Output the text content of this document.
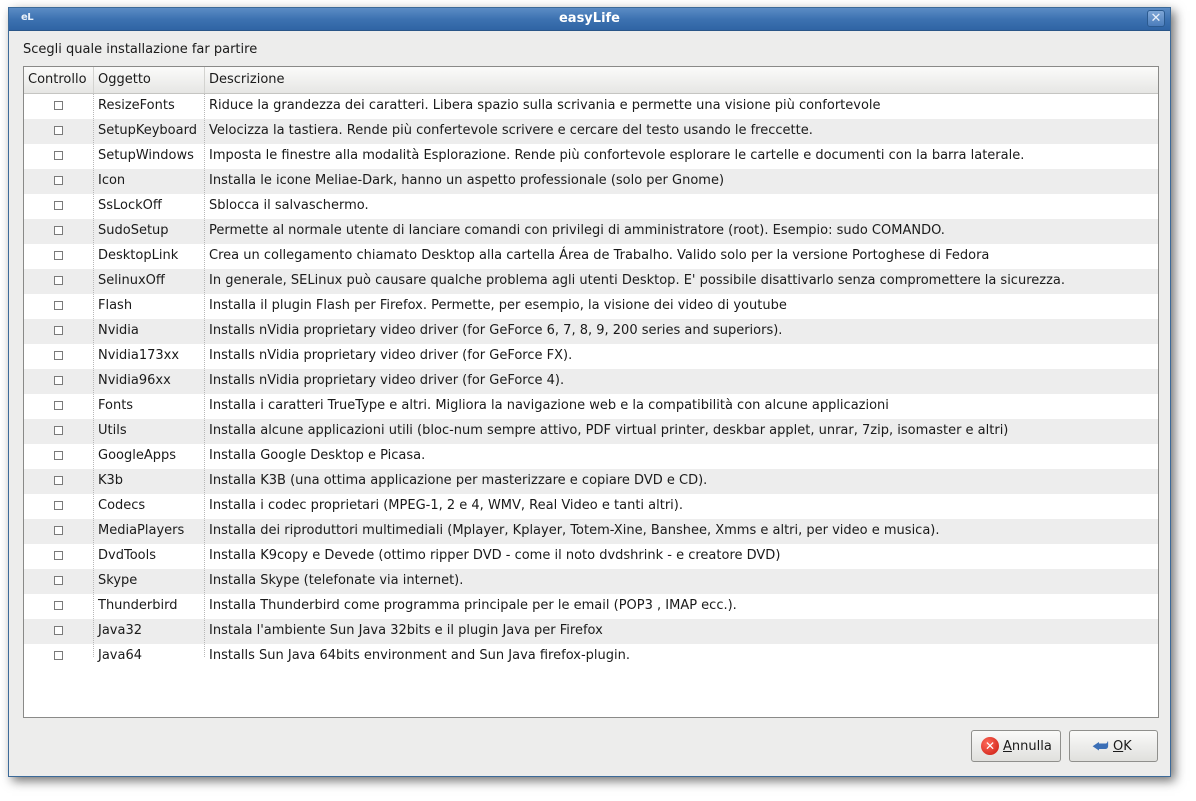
eL	easyLife	✕
Scegli quale installazione far partire
Controllo Oggetto	Descrizione
ResizeFonts	Riduce la grandezza dei caratteri. Libera spazio sulla scrivania e permette una visione più confortevole
SetupKeyboard Velocizza la tastiera. Rende più confertevole scrivere e cercare del testo usando le freccette.
SetupWindows Imposta le finestre alla modalità Esplorazione. Rende più confortevole esplorare le cartelle e documenti con la barra laterale.
Icon	Installa le icone Meliae-Dark, hanno un aspetto professionale (solo per Gnome)
SsLockOff	Sblocca il salvaschermo.
SudoSetup	Permette al normale utente di lanciare comandi con privilegi di amministratore (root). Esempio: sudo COMANDO.
DesktopLink Crea un collegamento chiamato Desktop alla cartella Área de Trabalho. Valido solo per la versione Portoghese di Fedora
SelinuxOff	In generale, SELinux può causare qualche problema agli utenti Desktop. E' possibile disattivarlo senza compromettere la sicurezza.
Flash	Installa il plugin Flash per Firefox. Permette, per esempio, la visione dei video di youtube
Nvidia	Installs nVidia proprietary video driver (for GeForce 6, 7, 8, 9, 200 series and superiors).
Nvidia173xx Installs nVidia proprietary video driver (for GeForce FX).
Nvidia96xx	Installs nVidia proprietary video driver (for GeForce 4).
Fonts	Installa i caratteri TrueType e altri. Migliora la navigazione web e la compatibilità con alcune applicazioni
Utils	Installa alcune applicazioni utili (bloc-num sempre attivo, PDF virtual printer, deskbar applet, unrar, 7zip, isomaster e altri)
GoogleApps	Installa Google Desktop e Picasa.
K3b	Installa K3B (una ottima applicazione per masterizzare e copiare DVD e CD).
Codecs	Installa i codec proprietari (MPEG-1, 2 e 4, WMV, Real Video e tanti altri).
MediaPlayers Installa dei riproduttori multimediali (Mplayer, Kplayer, Totem-Xine, Banshee, Xmms e altri, per video e musica).
DvdTools	Installa K9copy e Devede (ottimo ripper DVD - come il noto dvdshrink - e creatore DVD)
Skype	Installa Skype (telefonate via internet).
Thunderbird Installa Thunderbird come programma principale per le email (POP3 , IMAP ecc.).
Java32	Instala l'ambiente Sun Java 32bits e il plugin Java per Firefox
Java64	Installs Sun Java 64bits environment and Sun Java firefox-plugin.
✕ Annulla ⮨ OK
